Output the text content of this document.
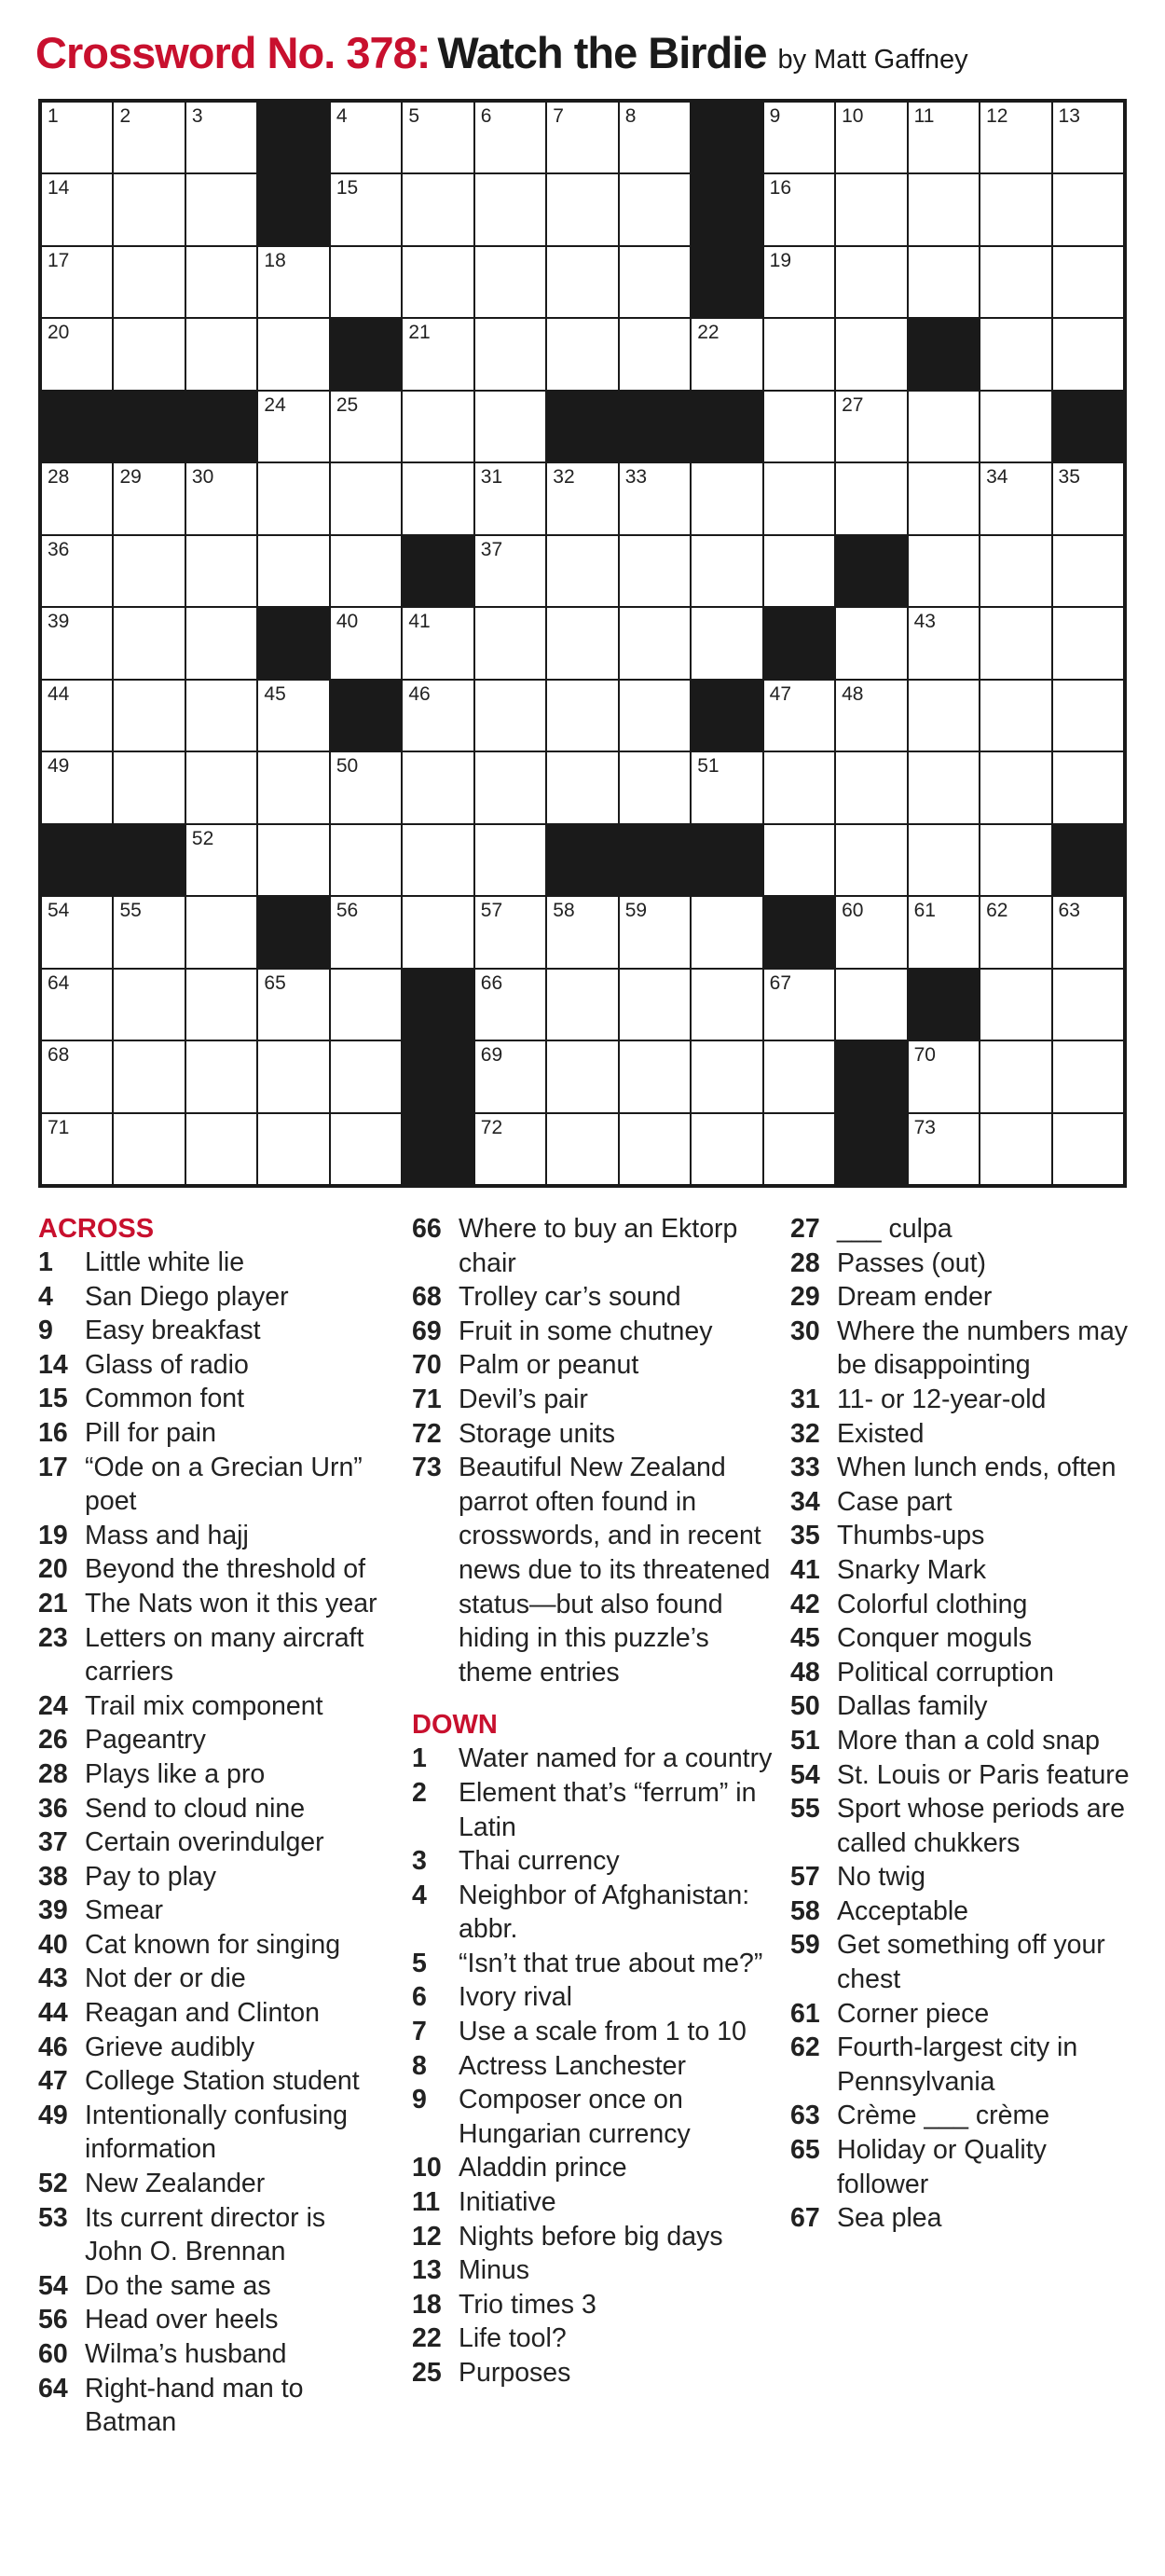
Crossword No. 378: Watch the Birdie by Matt Gaffney
1	2	3	4	5	6	7	8	9	10	11	12	13
14	15	16
17	18	19
20	21	22
24	25	27
28	29	30	31	32	33	34	35
36	37
39	40	41	43
44	45	46	47	48
49	50	51
52
54	55	56	57	58	59	60	61	62	63
64	65	66	67
68	69	70
71	72	73
ACROSS
1	Little white lie
4	San Diego player
9	Easy breakfast
14 Glass of radio
15 Common font
16 Pill for pain
17 “Ode on a Grecian Urn” poet
19 Mass and hajj
20 Beyond the threshold of
21 The Nats won it this year
23 Letters on many aircraft carriers
24 Trail mix component
26 Pageantry
28 Plays like a pro
36 Send to cloud nine
37 Certain overindulger
38 Pay to play
39 Smear
40 Cat known for singing
43 Not der or die
44 Reagan and Clinton
46 Grieve audibly
47 College Station student
49 Intentionally confusing information
52 New Zealander
53 Its current director is John O. Brennan
54 Do the same as
56 Head over heels
60 Wilma’s husband
64 Right-hand man to Batman
66 Where to buy an Ektorp chair
68 Trolley car’s sound
69 Fruit in some chutney
70 Palm or peanut
71 Devil’s pair
72 Storage units
73 Beautiful New Zealand parrot often found in crosswords, and in recent news due to its threatened status—but also found hiding in this puzzle’s theme entries
DOWN
1	Water named for a country
2	Element that’s “ferrum” in Latin
3	Thai currency
4	Neighbor of Afghanistan: abbr.
5	“Isn’t that true about me?”
6	Ivory rival
7	Use a scale from 1 to 10
8	Actress Lanchester
9	Composer once on Hungarian currency
10 Aladdin prince
11 Initiative
12 Nights before big days
13 Minus
18 Trio times 3
22 Life tool?
25 Purposes
27 ___ culpa
28 Passes (out)
29 Dream ender
30 Where the numbers may be disappointing
31 11- or 12-year-old
32 Existed
33 When lunch ends, often
34 Case part
35 Thumbs-ups
41 Snarky Mark
42 Colorful clothing
45 Conquer moguls
48 Political corruption
50 Dallas family
51 More than a cold snap
54 St. Louis or Paris feature
55 Sport whose periods are called chukkers
57 No twig
58 Acceptable
59 Get something off your chest
61 Corner piece
62 Fourth-largest city in Pennsylvania
63 Crème ___ crème
65 Holiday or Quality follower
67 Sea plea
